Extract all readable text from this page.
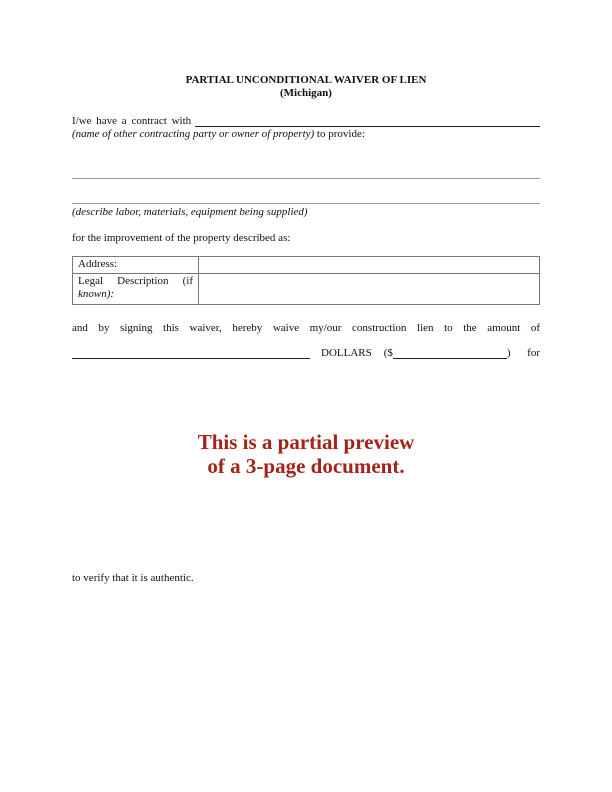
PARTIAL UNCONDITIONAL WAIVER OF LIEN
(Michigan)
I/we have a contract with
(name of other contracting party or owner of property) to provide:
(describe labor, materials, equipment being supplied)
for the improvement of the property described as:
Address:	

Legal Description (if
known):	
and by signing this waiver, hereby waive my/our construction lien to the amount of
DOLLARS ($	) for
This is a partial preview
of a 3-page document.
to verify that it is authentic.
